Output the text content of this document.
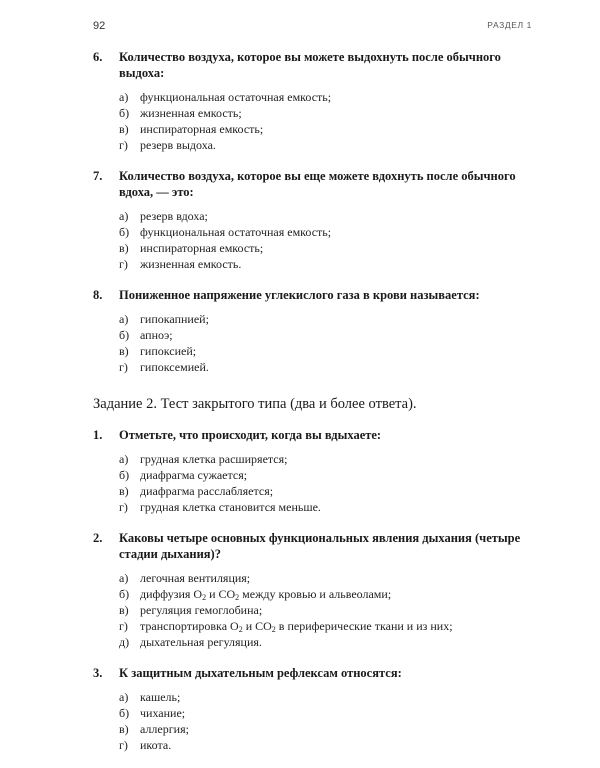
92	РАЗДЕЛ 1
6.	Количество воздуха, которое вы можете выдохнуть после обычного выдоха:
а) функциональная остаточная емкость;
б) жизненная емкость;
в) инспираторная емкость;
г)	резерв выдоха.
7.	Количество воздуха, которое вы еще можете вдохнуть после обычного вдоха, — это:
а) резерв вдоха;
б) функциональная остаточная емкость;
в) инспираторная емкость;
г)	жизненная емкость.
8.	Пониженное напряжение углекислого газа в крови называется:
а) гипокапнией;
б) апноэ;
в) гипоксией;
г)	гипоксемией.
Задание 2. Тест закрытого типа (два и более ответа).
1.	Отметьте, что происходит, когда вы вдыхаете:
а) грудная клетка расширяется;
б) диафрагма сужается;
в) диафрагма расслабляется;
г)	грудная клетка становится меньше.
2.	Каковы четыре основных функциональных явления дыхания (четыре стадии дыхания)?
а) легочная вентиляция;
б) диффузия $O_2$ и $CO_2$ между кровью и альвеолами;
в) регуляция гемоглобина;
г)	транспортировка $O_2$ и $CO_2$ в периферические ткани и из них;
д) дыхательная регуляция.
3.	К защитным дыхательным рефлексам относятся:
а) кашель;
б) чихание;
в) аллергия;
г)	икота.
